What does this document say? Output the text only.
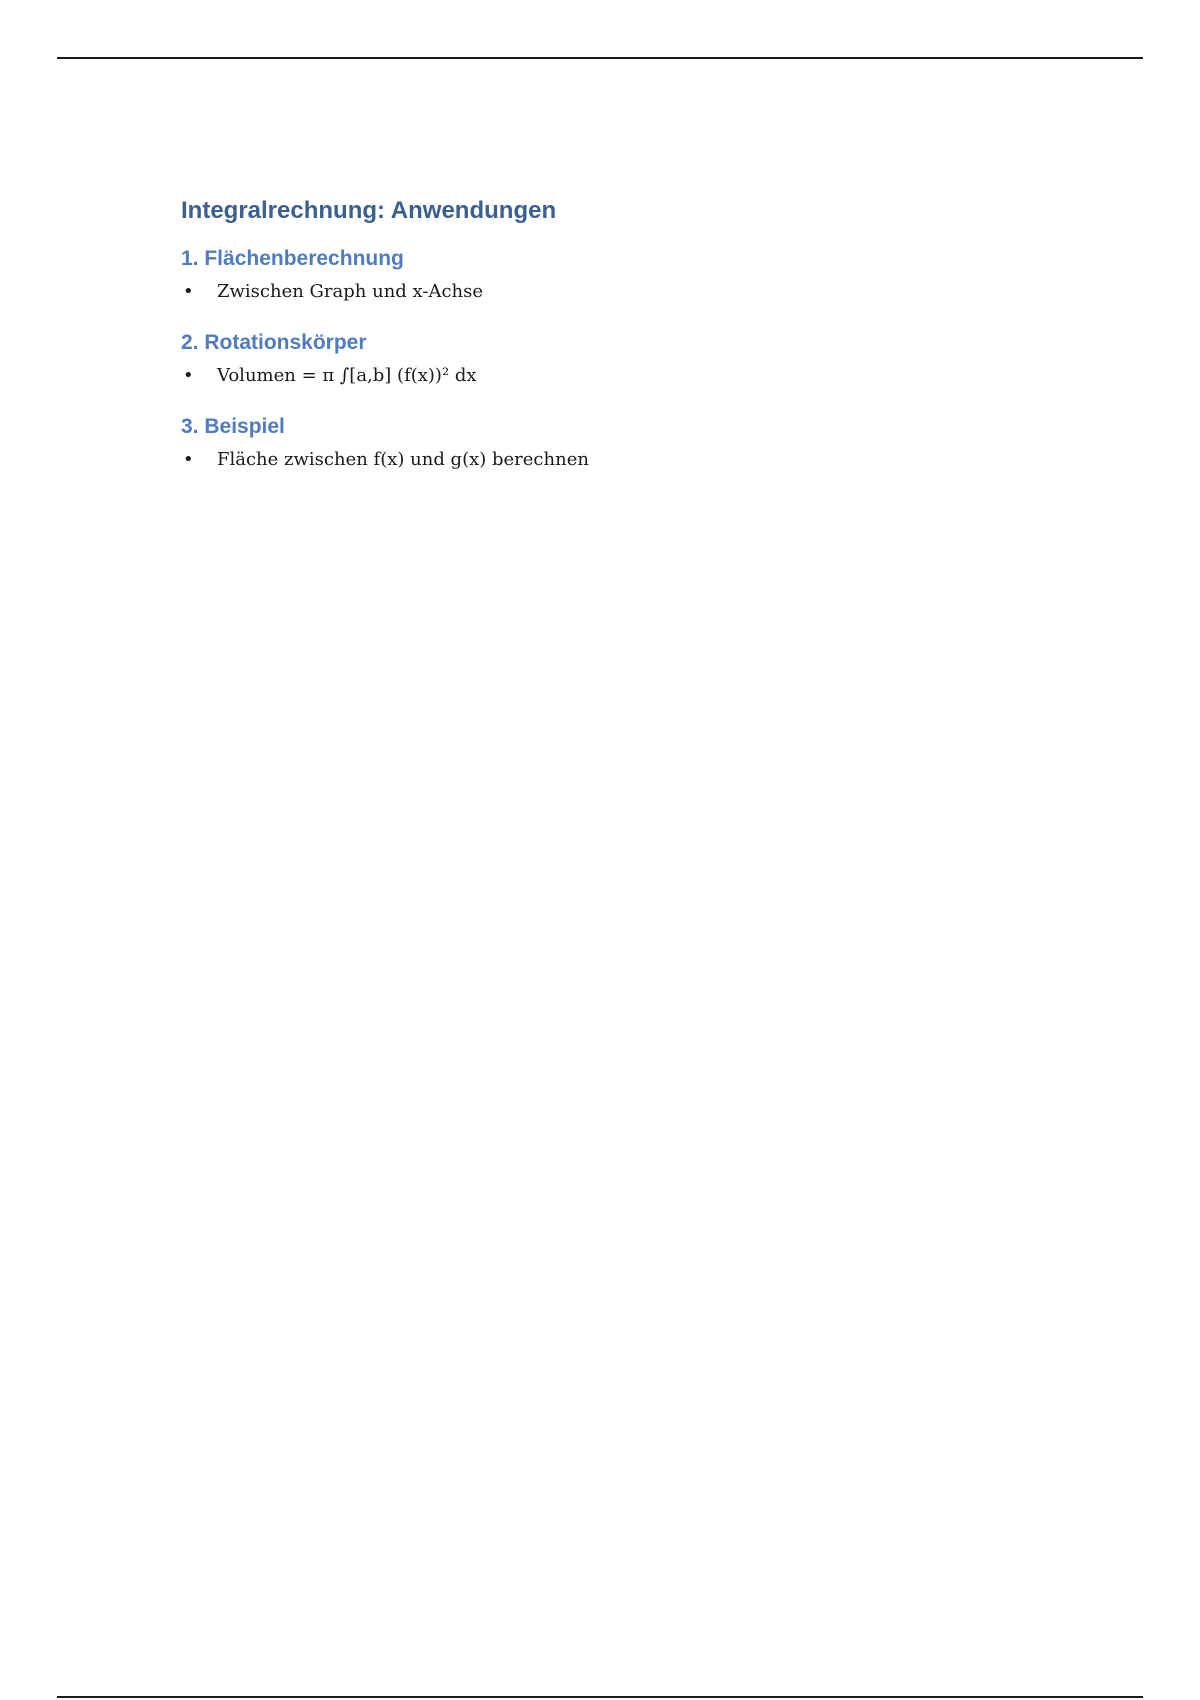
Integralrechnung: Anwendungen
1. Flächenberechnung
• Zwischen Graph und x-Achse
2. Rotationskörper
• Volumen = π ∫[a,b] (f(x))² dx
3. Beispiel
• Fläche zwischen f(x) und g(x) berechnen
